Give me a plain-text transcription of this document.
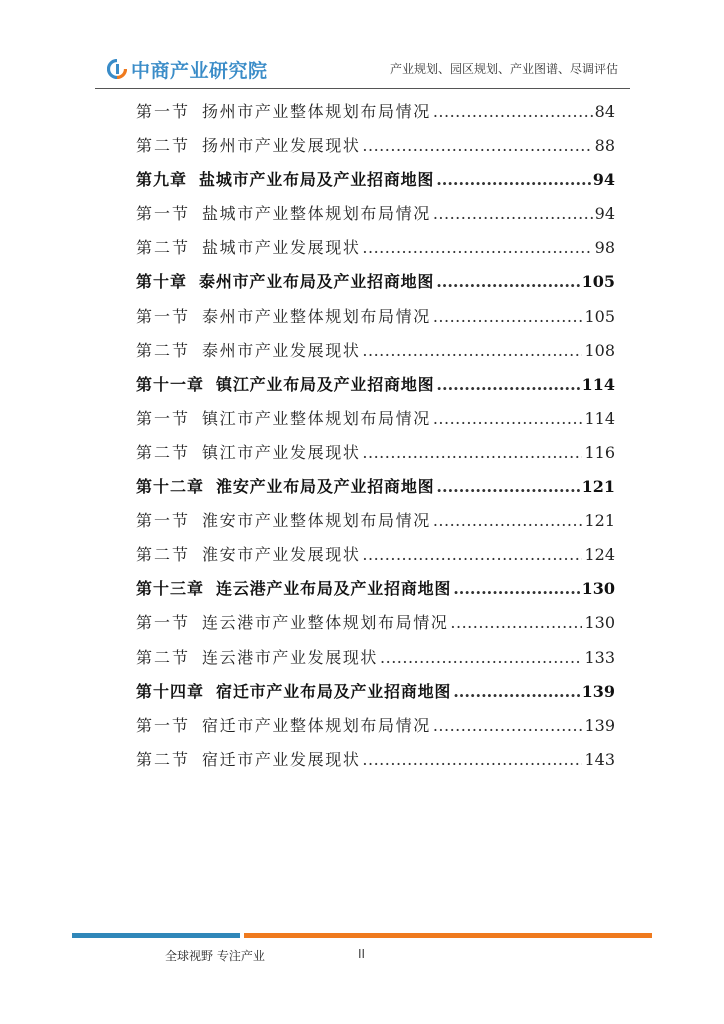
中商产业研究院	产业规划、园区规划、产业图谱、尽调评估
第一节 扬州市产业整体规划布局情况 .....	84
第二节 扬州市产业发展现状 .....	88
第九章 盐城市产业布局及产业招商地图 .....	94
第一节 盐城市产业整体规划布局情况 .....	94
第二节 盐城市产业发展现状 .....	98
第十章 泰州市产业布局及产业招商地图 .....	105
第一节 泰州市产业整体规划布局情况 .....	105
第二节 泰州市产业发展现状 .....	108
第十一章 镇江产业布局及产业招商地图 .....	114
第一节 镇江市产业整体规划布局情况 .....	114
第二节 镇江市产业发展现状 .....	116
第十二章 淮安产业布局及产业招商地图 .....	121
第一节 淮安市产业整体规划布局情况 .....	121
第二节 淮安市产业发展现状 .....	124
第十三章 连云港产业布局及产业招商地图 .....	130
第一节 连云港市产业整体规划布局情况 .....	130
第二节 连云港市产业发展现状 .....	133
第十四章 宿迁市产业布局及产业招商地图 .....	139
第一节 宿迁市产业整体规划布局情况 .....	139
第二节 宿迁市产业发展现状 .....	143
全球视野 专注产业	II
